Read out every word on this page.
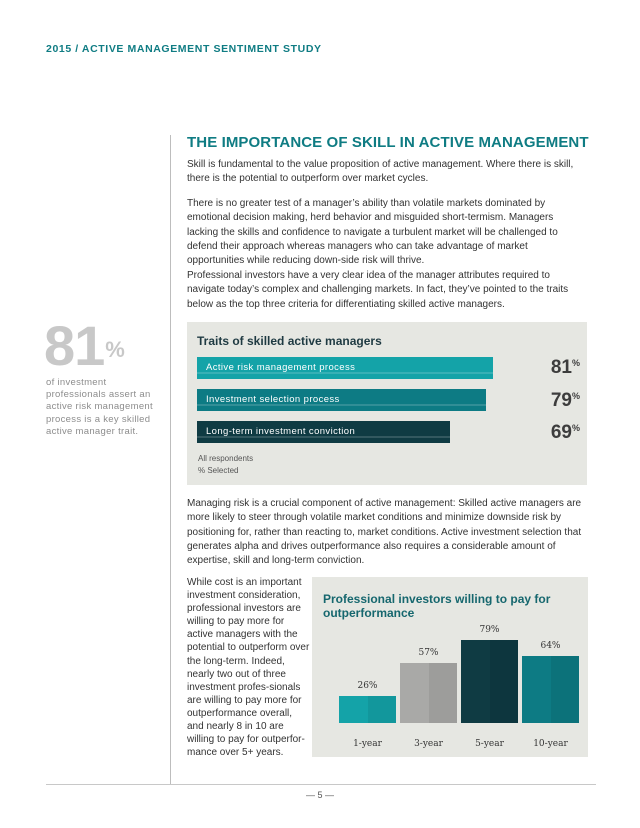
2015 / ACTIVE MANAGEMENT SENTIMENT STUDY
THE IMPORTANCE OF SKILL IN ACTIVE MANAGEMENT

Skill is fundamental to the value proposition of active management. Where there is skill, there is the potential to outperform over market cycles.

There is no greater test of a manager’s ability than volatile markets dominated by emotional decision making, herd behavior and misguided short-termism. Managers lacking the skills and confidence to navigate a turbulent market will be challenged to defend their approach whereas managers who can take advantage of market opportunities while reducing down-side risk will thrive.

Professional investors have a very clear idea of the manager attributes required to navigate today’s complex and challenging markets. In fact, they’ve pointed to the traits below as the top three criteria for differentiating skilled active managers.

81%
of investment professionals assert an active risk management process is a key skilled active manager trait.
Traits of skilled active managers
Active risk management process
Investment selection process
Long-term investment conviction
81%
79%
69%
All respondents
% Selected

Managing risk is a crucial component of active management: Skilled active managers are more likely to steer through volatile market conditions and minimize downside risk by positioning for, rather than reacting to, market conditions. Active investment selection that generates alpha and drives outperformance also requires a considerable amount of expertise, skill and long-term conviction.

While cost is an important investment consideration, professional investors are willing to pay more for active managers with the potential to outperform over the long-term. Indeed, nearly two out of three investment profes-sionals are willing to pay more for outperformance overall, and nearly 8 in 10 are willing to pay for outperfor-mance over 5+ years.
Professional investors willing to pay for outperformance
26%
1-year
57%
3-year
79%
5-year
64%
10-year
— 5 —
